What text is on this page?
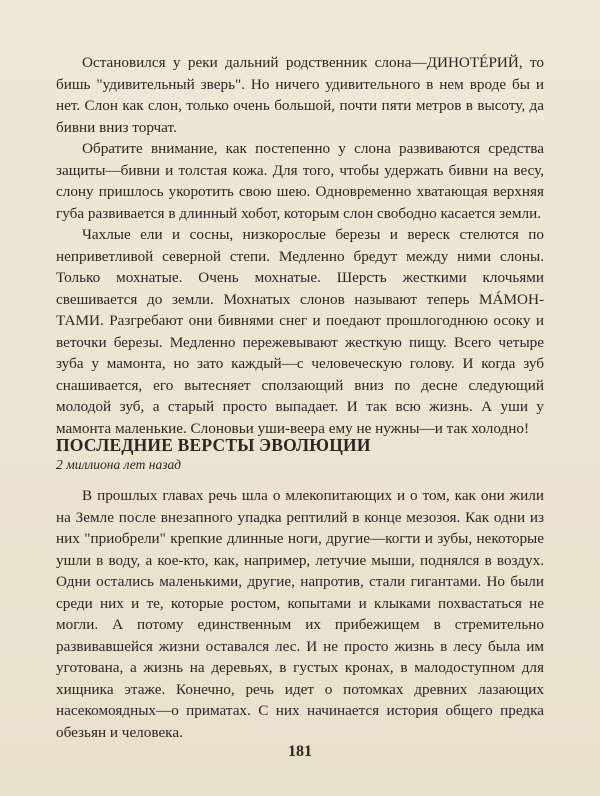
Остановился у реки дальний родственник слона—ДИНОТÉРИЙ, то бишь "удивительный зверь". Но ничего удивительного в нем вроде бы и нет. Слон как слон, только очень большой, почти пяти метров в высоту, да бивни вниз торчат.

Обратите внимание, как постепенно у слона развиваются средства защиты—бивни и толстая кожа. Для того, чтобы удержать бивни на весу, слону пришлось укоротить свою шею. Одновременно хватающая верхняя губа развивается в длинный хобот, которым слон свободно касается земли.

Чахлые ели и сосны, низкорослые березы и вереск стелются по неприветливой северной степи. Медленно бредут между ними слоны. Только мохнатые. Очень мохнатые. Шерсть жесткими клочьями свешивается до земли. Мохнатых слонов называют теперь МÁМОНТАМИ. Разгребают они бивнями снег и поедают прошлогоднюю осоку и веточки березы. Медленно пережевывают жесткую пищу. Всего четыре зуба у мамонта, но зато каждый—с человеческую голову. И когда зуб снашивается, его вытесняет сползающий вниз по десне следующий молодой зуб, а старый просто выпадает. И так всю жизнь. А уши у мамонта маленькие. Слоновьи уши-веера ему не нужны—и так холодно!

ПОСЛЕДНИЕ ВЕРСТЫ ЭВОЛЮЦИИ
2 миллиона лет назад

В прошлых главах речь шла о млекопитающих и о том, как они жили на Земле после внезапного упадка рептилий в конце мезозоя. Как одни из них "приобрели" крепкие длинные ноги, другие—когти и зубы, некоторые ушли в воду, а кое-кто, как, например, летучие мыши, поднялся в воздух. Одни остались маленькими, другие, напротив, стали гигантами. Но были среди них и те, которые ростом, копытами и клыками похвастаться не могли. А потому единственным их прибежищем в стремительно развивавшейся жизни оставался лес. И не просто жизнь в лесу была им уготована, а жизнь на деревьях, в густых кронах, в малодоступном для хищника этаже. Конечно, речь идет о потомках древних лазающих насекомоядных—о приматах. С них начинается история общего предка обезьян и человека.

181
